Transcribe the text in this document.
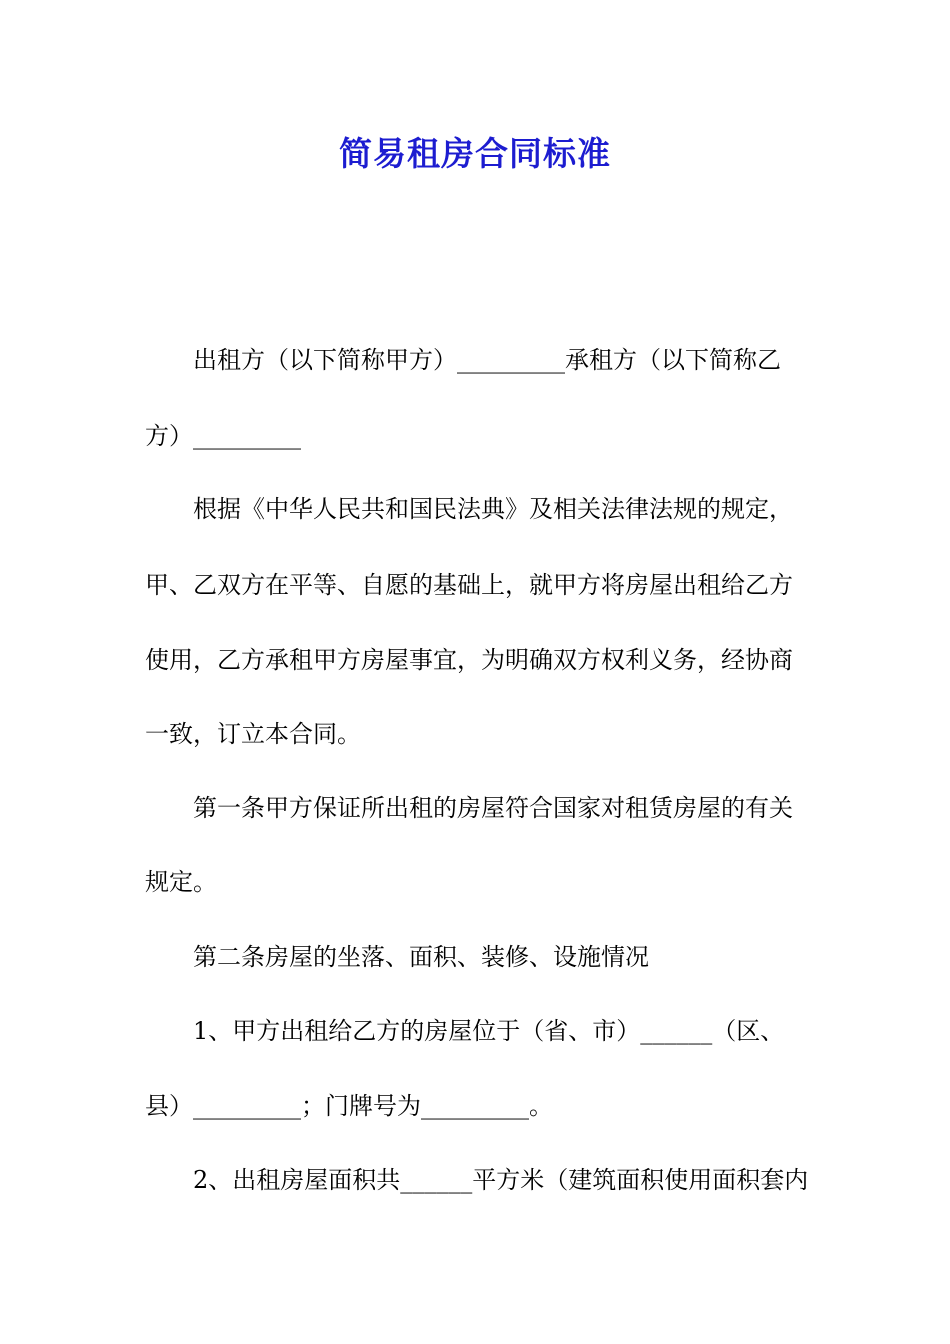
简易租房合同标准
出租方（以下简称甲方）_________承租方（以下简称乙
方）_________
根据《中华人民共和国民法典》及相关法律法规的规定，
甲、乙双方在平等、自愿的基础上，就甲方将房屋出租给乙方
使用，乙方承租甲方房屋事宜，为明确双方权利义务，经协商
一致，订立本合同。
第一条甲方保证所出租的房屋符合国家对租赁房屋的有关
规定。
第二条房屋的坐落、面积、装修、设施情况
1、甲方出租给乙方的房屋位于（省、市）______（区、
县）_________；门牌号为_________。
2、出租房屋面积共______平方米（建筑面积使用面积套内
